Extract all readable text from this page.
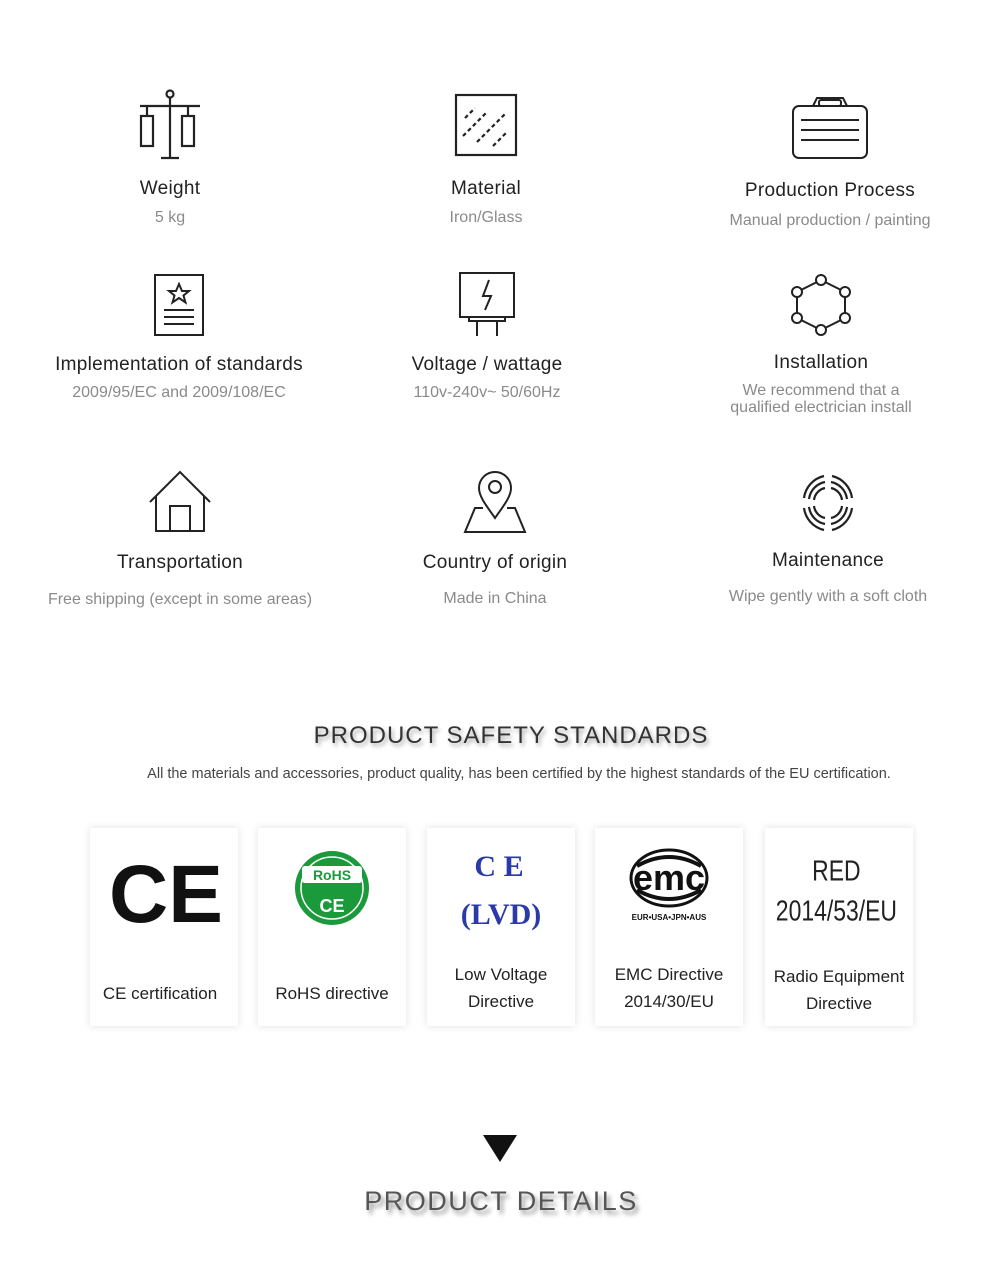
Weight
5 kg
Material
Iron/Glass
Production Process
Manual production / painting
Implementation of standards
2009/95/EC and 2009/108/EC
Voltage / wattage
110v-240v~ 50/60Hz
Installation
We recommend that a
qualified electrician install
Transportation
Free shipping (except in some areas)
Country of origin
Made in China
Maintenance
Wipe gently with a soft cloth
PRODUCT SAFETY STANDARDS
All the materials and accessories, product quality, has been certified by the highest standards of the EU certification.
CE
CE certification
RoHS
CE
RoHS directive
C E
(LVD)
Low Voltage
Directive
emc
EUR•USA•JPN•AUS
EMC Directive
2014/30/EU
RED
2014/53/EU
Radio Equipment
Directive
PRODUCT DETAILS
